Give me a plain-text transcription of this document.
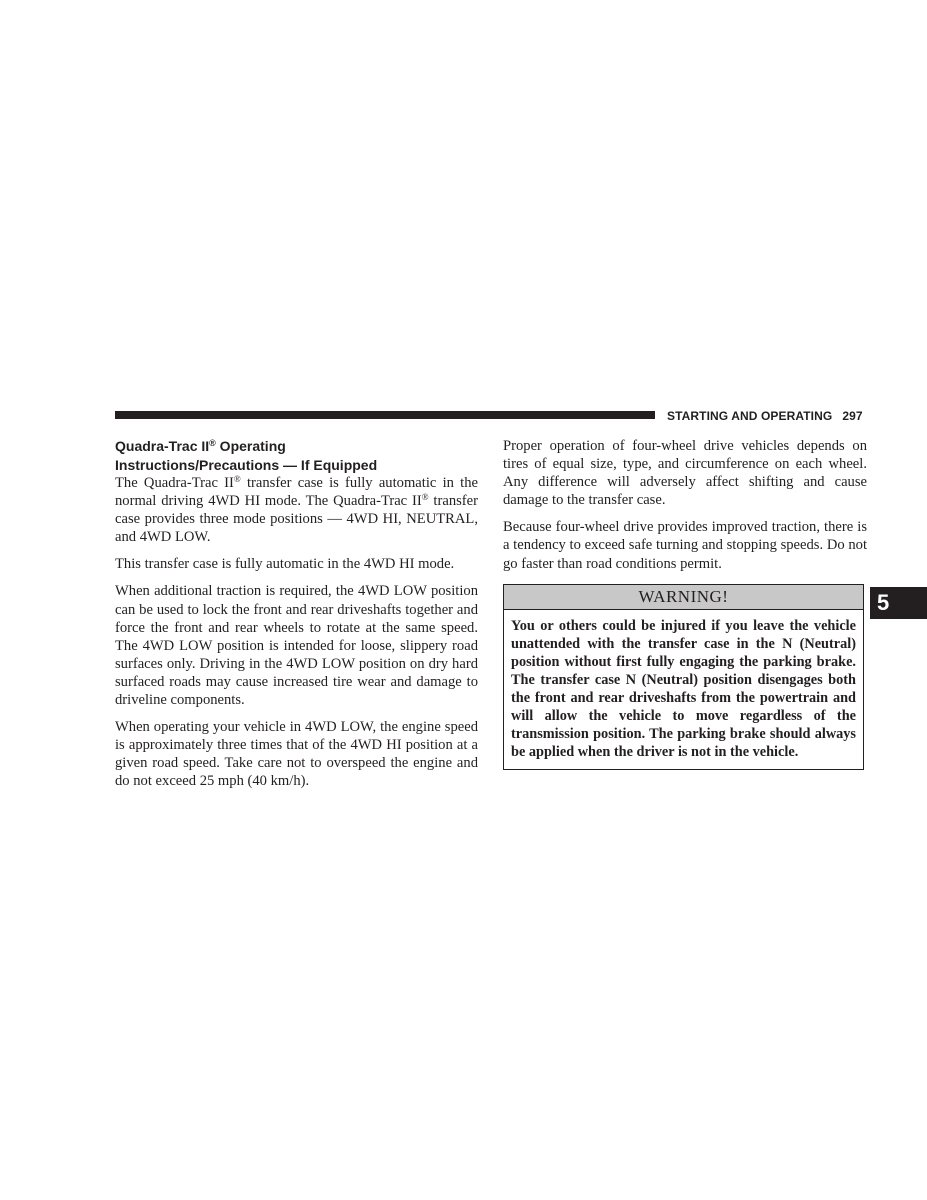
STARTING AND OPERATING 297
Quadra-Trac II® Operating
Instructions/Precautions — If Equipped

The Quadra-Trac II® transfer case is fully automatic in the normal driving 4WD HI mode. The Quadra-Trac II® transfer case provides three mode positions — 4WD HI, NEUTRAL, and 4WD LOW.

This transfer case is fully automatic in the 4WD HI mode.

When additional traction is required, the 4WD LOW position can be used to lock the front and rear driveshafts together and force the front and rear wheels to rotate at the same speed. The 4WD LOW position is intended for loose, slippery road surfaces only. Driving in the 4WD LOW position on dry hard surfaced roads may cause increased tire wear and damage to driveline components.

When operating your vehicle in 4WD LOW, the engine speed is approximately three times that of the 4WD HI position at a given road speed. Take care not to overspeed the engine and do not exceed 25 mph (40 km/h).

Proper operation of four-wheel drive vehicles depends on tires of equal size, type, and circumference on each wheel. Any difference will adversely affect shifting and cause damage to the transfer case.

Because four-wheel drive provides improved traction, there is a tendency to exceed safe turning and stopping speeds. Do not go faster than road conditions permit.

WARNING!
You or others could be injured if you leave the vehicle unattended with the transfer case in the N (Neutral) position without first fully engaging the parking brake. The transfer case N (Neutral) position disengages both the front and rear driveshafts from the powertrain and will allow the vehicle to move regardless of the transmission position. The parking brake should always be applied when the driver is not in the vehicle.
5
